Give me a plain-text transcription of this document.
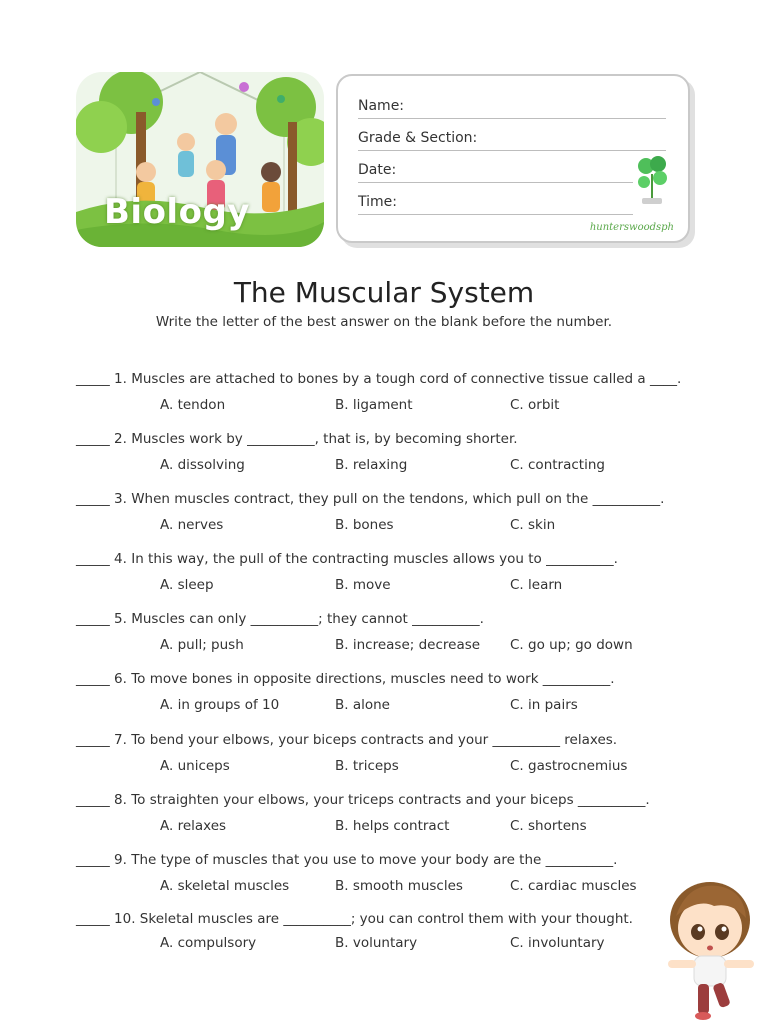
Biology
Name:
Grade & Section:
Date:
Time:
hunterswoodsph
The Muscular System
Write the letter of the best answer on the blank before the number.
_____ 1. Muscles are attached to bones by a tough cord of connective tissue called a ____.
A. tendon	B. ligament	C. orbit
_____ 2. Muscles work by __________, that is, by becoming shorter.
A. dissolving	B. relaxing	C. contracting
_____ 3. When muscles contract, they pull on the tendons, which pull on the __________.
A. nerves	B. bones	C. skin
_____ 4. In this way, the pull of the contracting muscles allows you to __________.
A. sleep	B. move	C. learn
_____ 5. Muscles can only __________; they cannot __________.
A. pull; push	B. increase; decrease C. go up; go down
_____ 6. To move bones in opposite directions, muscles need to work __________.
A. in groups of 10	B. alone	C. in pairs
_____ 7. To bend your elbows, your biceps contracts and your __________ relaxes.
A. uniceps	B. triceps	C. gastrocnemius
_____ 8. To straighten your elbows, your triceps contracts and your biceps __________.
A. relaxes	B. helps contract	C. shortens
_____ 9. The type of muscles that you use to move your body are the __________.
A. skeletal muscles	B. smooth muscles	C. cardiac muscles
_____ 10. Skeletal muscles are __________; you can control them with your thought.
A. compulsory	B. voluntary	C. involuntary
